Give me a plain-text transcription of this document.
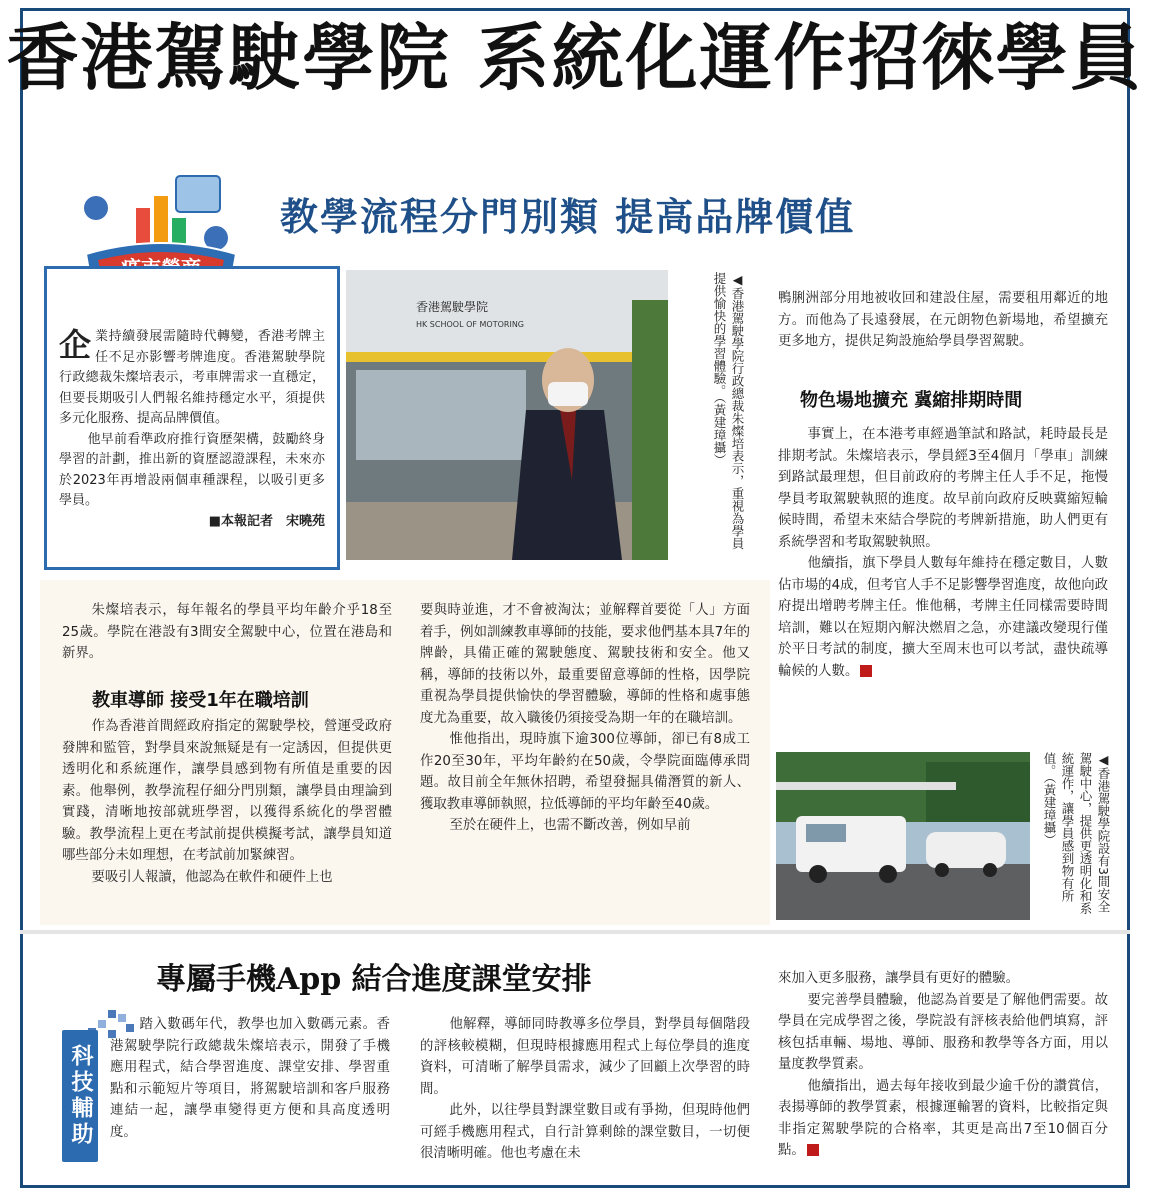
香港駕駛學院 系統化運作招徠學員
教學流程分門別類 提高品牌價值

企業持續發展需隨時代轉變，香港考牌主任不足亦影響考牌進度。香港駕駛學院行政總裁朱燦培表示，考車牌需求一直穩定，但要長期吸引人們報名維持穩定水平，須提供多元化服務、提高品牌價值。

他早前看準政府推行資歷架構，鼓勵終身學習的計劃，推出新的資歷認證課程，未來亦於2023年再增設兩個車種課程，以吸引更多學員。

■本報記者　宋曉苑

香港駕駛學院
HK SCHOOL OF MOTORING	◀香港駕駛學院行政總裁朱燦培表示，重視為學員提供愉快的學習體驗。（黃建璋攝）	鴨脷洲部分用地被收回和建設住屋，需要租用鄰近的地方。而他為了長遠發展，在元朗物色新場地，希望擴充更多地方，提供足夠設施給學員學習駕駛。

物色場地擴充 冀縮排期時間

事實上，在本港考車經過筆試和路試，耗時最長是排期考試。朱燦培表示，學員經3至4個月「學車」訓練到路試最理想，但目前政府的考牌主任人手不足，拖慢學員考取駕駛執照的進度。故早前向政府反映冀縮短輪候時間，希望未來結合學院的考牌新措施，助人們更有系統學習和考取駕駛執照。

他續指，旗下學員人數每年維持在穩定數目，人數佔市場的4成，但考官人手不足影響學習進度，故他向政府提出增聘考牌主任。惟他稱，考牌主任同樣需要時間培訓，難以在短期內解決燃眉之急，亦建議改變現行僅於平日考試的制度，擴大至周末也可以考試，盡快疏導輪候的人數。

朱燦培表示，每年報名的學員平均年齡介乎18至25歲。學院在港設有3間安全駕駛中心，位置在港島和新界。

教車導師 接受1年在職培訓

作為香港首間經政府指定的駕駛學校，營運受政府發牌和監管，對學員來說無疑是有一定誘因，但提供更透明化和系統運作，讓學員感到物有所值是重要的因素。他舉例，教學流程仔細分門別類，讓學員由理論到實踐，清晰地按部就班學習，以獲得系統化的學習體驗。教學流程上更在考試前提供模擬考試，讓學員知道哪些部分未如理想，在考試前加緊練習。

要吸引人報讀，他認為在軟件和硬件上也

要與時並進，才不會被淘汰；並解釋首要從「人」方面着手，例如訓練教車導師的技能，要求他們基本具7年的牌齡，具備正確的駕駛態度、駕駛技術和安全。他又稱，導師的技術以外，最重要留意導師的性格，因學院重視為學員提供愉快的學習體驗，導師的性格和處事態度尤為重要，故入職後仍須接受為期一年的在職培訓。

惟他指出，現時旗下逾300位導師，卻已有8成工作20至30年，平均年齡約在50歲，令學院面臨傳承問題。故目前全年無休招聘，希望發掘具備潛質的新人、獲取教車導師執照，拉低導師的平均年齡至40歲。

至於在硬件上，也需不斷改善，例如早前	◀香港駕駛學院設有3間安全駕駛中心，提供更透明化和系統運作，讓學員感到物有所值。（黃建璋攝）
專屬手機App 結合進度課堂安排
科技輔助

踏入數碼年代，教學也加入數碼元素。香港駕駛學院行政總裁朱燦培表示，開發了手機應用程式，結合學習進度、課堂安排、學習重點和示範短片等項目，將駕駛培訓和客戶服務連結一起，讓學車變得更方便和具高度透明度。

他解釋，導師同時教導多位學員，對學員每個階段的評核較模糊，但現時根據應用程式上每位學員的進度資料，可清晰了解學員需求，減少了回顧上次學習的時間。

此外，以往學員對課堂數目或有爭拗，但現時他們可經手機應用程式，自行計算剩餘的課堂數目，一切便很清晰明確。他也考慮在未

來加入更多服務，讓學員有更好的體驗。

要完善學員體驗，他認為首要是了解他們需要。故學員在完成學習之後，學院設有評核表給他們填寫，評核包括車輛、場地、導師、服務和教學等各方面，用以量度教學質素。

他續指出，過去每年接收到最少逾千份的讚賞信，表揚導師的教學質素，根據運輸署的資料，比較指定與非指定駕駛學院的合格率，其更是高出7至10個百分點。
